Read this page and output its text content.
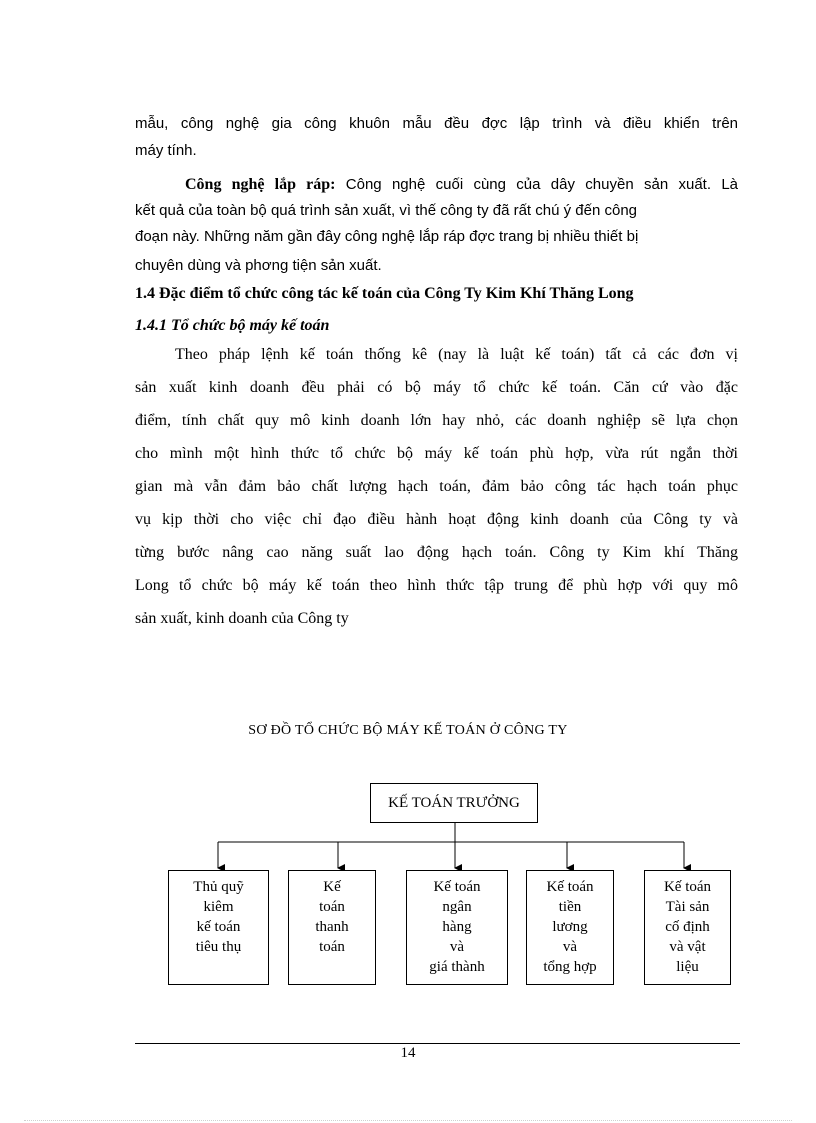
mẫu, công nghệ gia công khuôn mẫu đều đợc lập trình và điều khiển trên
máy tính.
Công nghệ lắp ráp: Công nghệ cuối cùng của dây chuyền sản xuất. Là
kết quả của toàn bộ quá trình sản xuất, vì thế công ty đã rất chú ý đến công
đoạn này. Những năm gần đây công nghệ lắp ráp đợc trang bị nhiều thiết bị
chuyên dùng và phơng tiện sản xuất.
1.4 Đặc điểm tổ chức công tác kế toán của Công Ty Kim Khí Thăng Long
1.4.1 Tổ chức bộ máy kế toán
Theo pháp lệnh kế toán thống kê (nay là luật kế toán) tất cả các đơn vị
sản xuất kinh doanh đều phải có bộ máy tổ chức kế toán. Căn cứ vào đặc
điểm, tính chất quy mô kinh doanh lớn hay nhỏ, các doanh nghiệp sẽ lựa chọn
cho mình một hình thức tổ chức bộ máy kế toán phù hợp, vừa rút ngắn thời
gian mà vẫn đảm bảo chất lượng hạch toán, đảm bảo công tác hạch toán phục
vụ kịp thời cho việc chỉ đạo điều hành hoạt động kinh doanh của Công ty và
từng bước nâng cao năng suất lao động hạch toán. Công ty Kim khí Thăng
Long tổ chức bộ máy kế toán theo hình thức tập trung để phù hợp với quy mô
sản xuất, kinh doanh của Công ty
SƠ ĐỒ TỔ CHỨC BỘ MÁY KẾ TOÁN Ở CÔNG TY
KẾ TOÁN TRƯỞNG
Thủ quỹ
kiêm
kế toán
tiêu thụ
Kế
toán
thanh
toán
Kế toán
ngân
hàng
và
giá thành
Kế toán
tiền
lương
và
tổng hợp
Kế toán
Tài sản
cố định
và vật
liệu
14
